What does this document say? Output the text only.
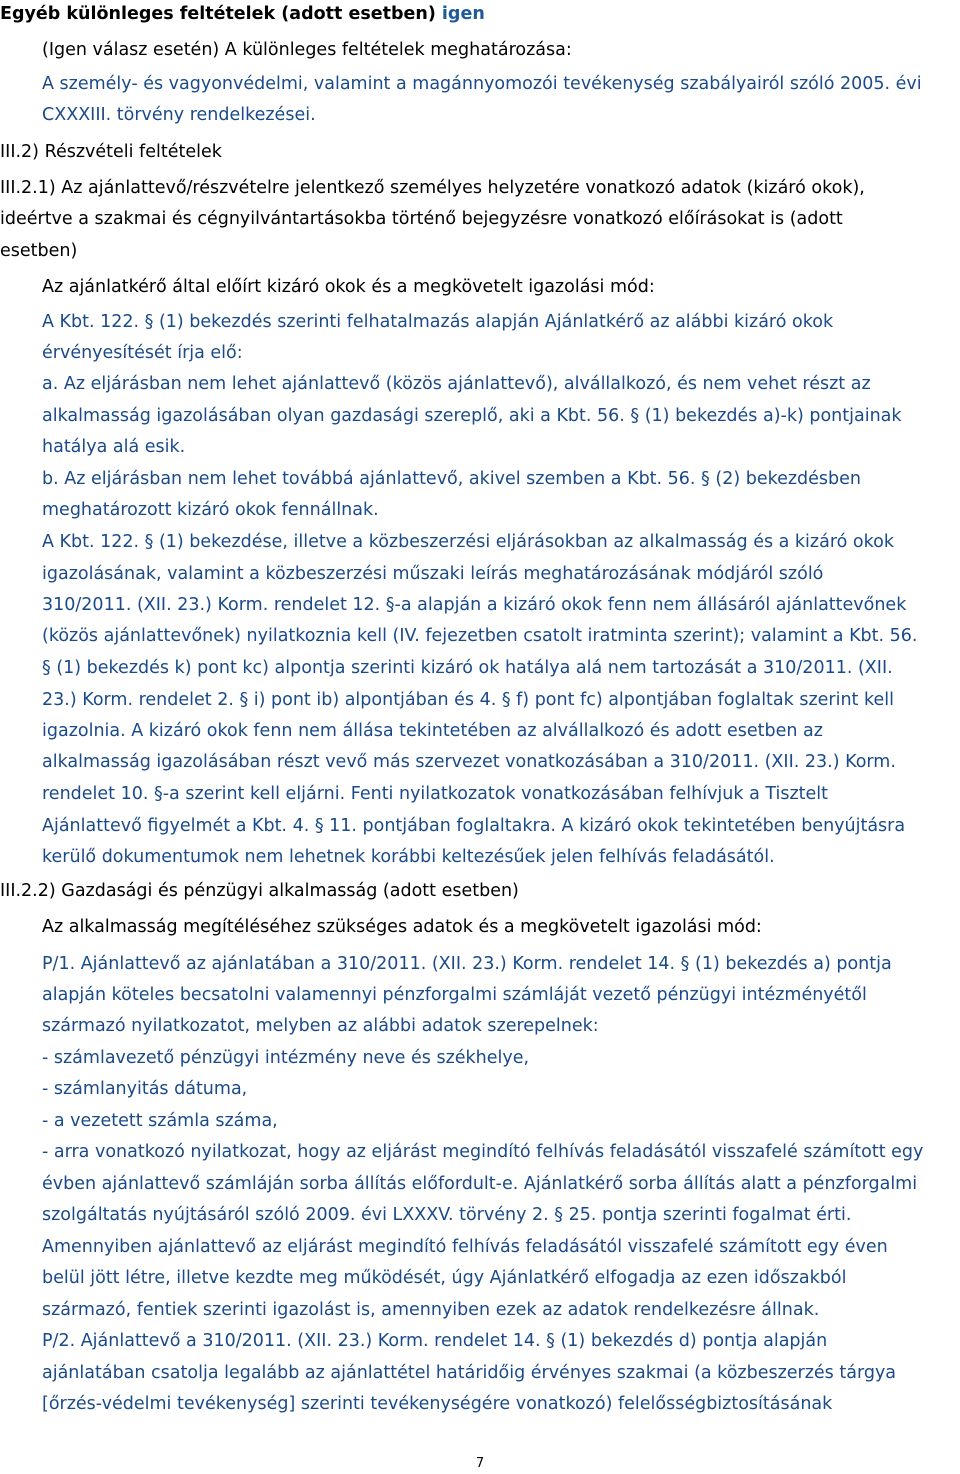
Egyéb különleges feltételek (adott esetben) igen

(Igen válasz esetén) A különleges feltételek meghatározása:

A személy- és vagyonvédelmi, valamint a magánnyomozói tevékenység szabályairól szóló 2005. évi

CXXXIII. törvény rendelkezései.

III.2) Részvételi feltételek

III.2.1) Az ajánlattevő/részvételre jelentkező személyes helyzetére vonatkozó adatok (kizáró okok),

ideértve a szakmai és cégnyilvántartásokba történő bejegyzésre vonatkozó előírásokat is (adott

esetben)

Az ajánlatkérő által előírt kizáró okok és a megkövetelt igazolási mód:

A Kbt. 122. § (1) bekezdés szerinti felhatalmazás alapján Ajánlatkérő az alábbi kizáró okok

érvényesítését írja elő:

a. Az eljárásban nem lehet ajánlattevő (közös ajánlattevő), alvállalkozó, és nem vehet részt az

alkalmasság igazolásában olyan gazdasági szereplő, aki a Kbt. 56. § (1) bekezdés a)-k) pontjainak

hatálya alá esik.

b. Az eljárásban nem lehet továbbá ajánlattevő, akivel szemben a Kbt. 56. § (2) bekezdésben

meghatározott kizáró okok fennállnak.

A Kbt. 122. § (1) bekezdése, illetve a közbeszerzési eljárásokban az alkalmasság és a kizáró okok

igazolásának, valamint a közbeszerzési műszaki leírás meghatározásának módjáról szóló

310/2011. (XII. 23.) Korm. rendelet 12. §-a alapján a kizáró okok fenn nem állásáról ajánlattevőnek

(közös ajánlattevőnek) nyilatkoznia kell (IV. fejezetben csatolt iratminta szerint); valamint a Kbt. 56.

§ (1) bekezdés k) pont kc) alpontja szerinti kizáró ok hatálya alá nem tartozását a 310/2011. (XII.

23.) Korm. rendelet 2. § i) pont ib) alpontjában és 4. § f) pont fc) alpontjában foglaltak szerint kell

igazolnia. A kizáró okok fenn nem állása tekintetében az alvállalkozó és adott esetben az

alkalmasság igazolásában részt vevő más szervezet vonatkozásában a 310/2011. (XII. 23.) Korm.

rendelet 10. §-a szerint kell eljárni. Fenti nyilatkozatok vonatkozásában felhívjuk a Tisztelt

Ajánlattevő figyelmét a Kbt. 4. § 11. pontjában foglaltakra. A kizáró okok tekintetében benyújtásra

kerülő dokumentumok nem lehetnek korábbi keltezésűek jelen felhívás feladásától.

III.2.2) Gazdasági és pénzügyi alkalmasság (adott esetben)

Az alkalmasság megítéléséhez szükséges adatok és a megkövetelt igazolási mód:

P/1. Ajánlattevő az ajánlatában a 310/2011. (XII. 23.) Korm. rendelet 14. § (1) bekezdés a) pontja

alapján köteles becsatolni valamennyi pénzforgalmi számláját vezető pénzügyi intézményétől

származó nyilatkozatot, melyben az alábbi adatok szerepelnek:

- számlavezető pénzügyi intézmény neve és székhelye,

- számlanyitás dátuma,

- a vezetett számla száma,

- arra vonatkozó nyilatkozat, hogy az eljárást megindító felhívás feladásától visszafelé számított egy

évben ajánlattevő számláján sorba állítás előfordult-e. Ajánlatkérő sorba állítás alatt a pénzforgalmi

szolgáltatás nyújtásáról szóló 2009. évi LXXXV. törvény 2. § 25. pontja szerinti fogalmat érti.

Amennyiben ajánlattevő az eljárást megindító felhívás feladásától visszafelé számított egy éven

belül jött létre, illetve kezdte meg működését, úgy Ajánlatkérő elfogadja az ezen időszakból

származó, fentiek szerinti igazolást is, amennyiben ezek az adatok rendelkezésre állnak.

P/2. Ajánlattevő a 310/2011. (XII. 23.) Korm. rendelet 14. § (1) bekezdés d) pontja alapján

ajánlatában csatolja legalább az ajánlattétel határidőig érvényes szakmai (a közbeszerzés tárgya

[őrzés-védelmi tevékenység] szerinti tevékenységére vonatkozó) felelősségbiztosításának

7
